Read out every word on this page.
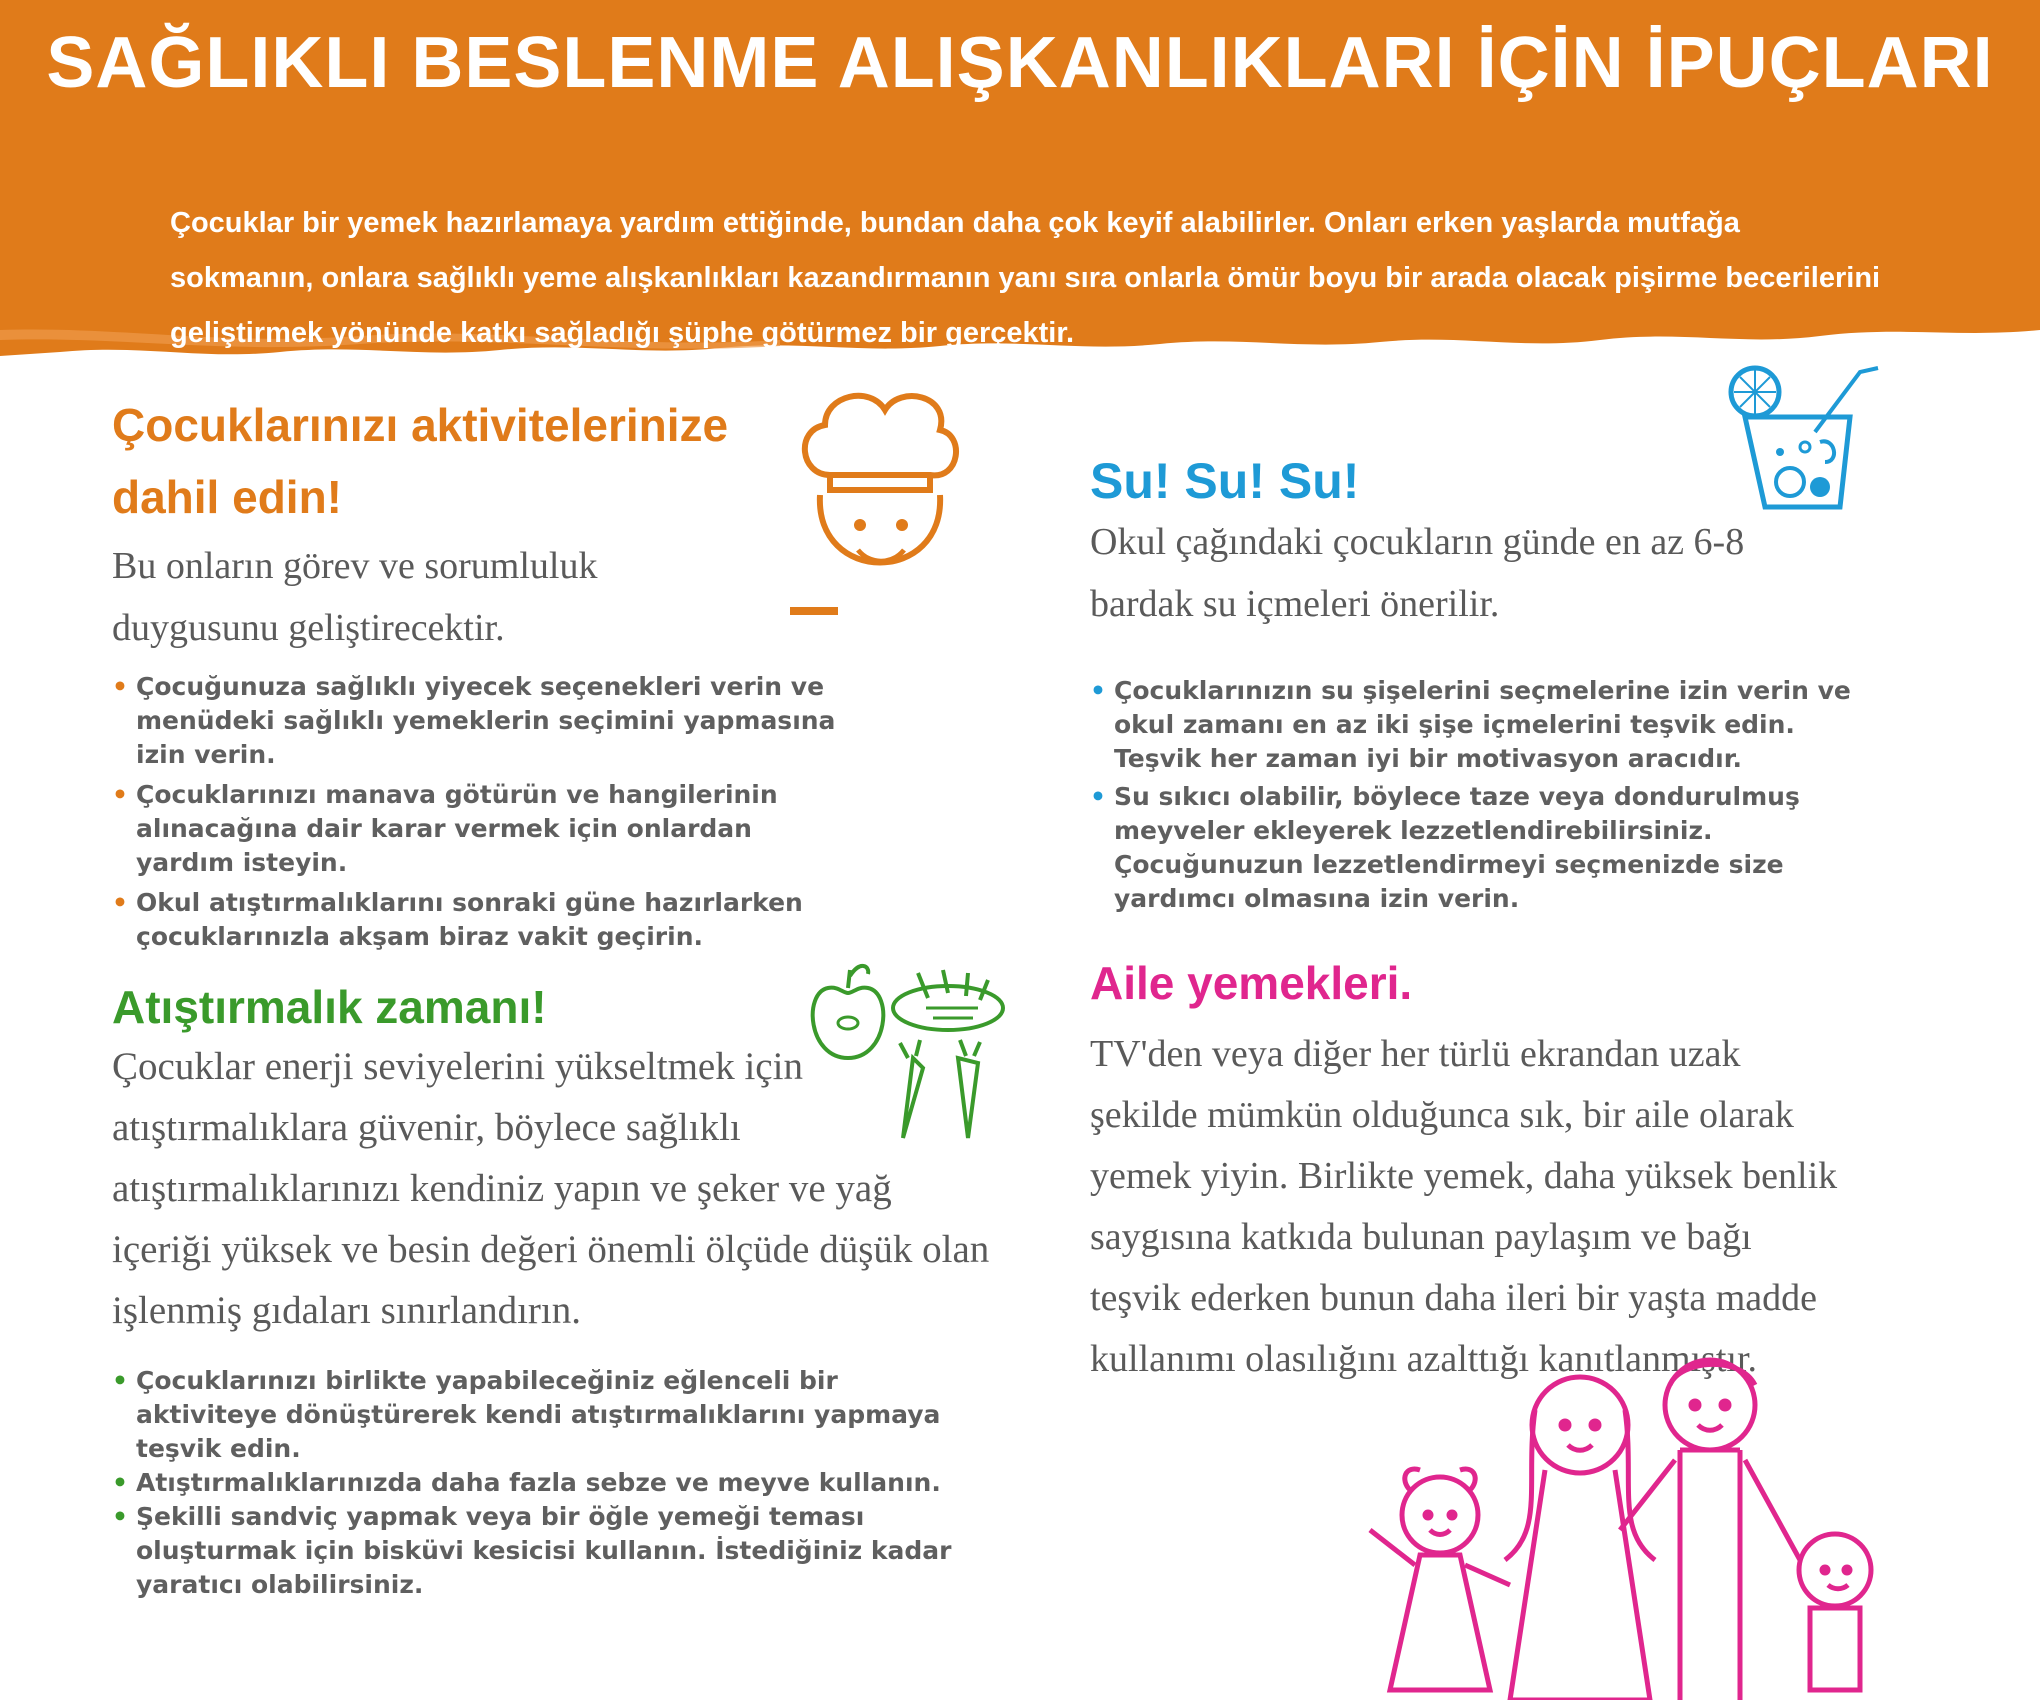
SAĞLIKLI BESLENME ALIŞKANLIKLARI İÇİN İPUÇLARI
Çocuklar bir yemek hazırlamaya yardım ettiğinde, bundan daha çok keyif alabilirler. Onları erken yaşlarda mutfağa sokmanın, onlara sağlıklı yeme alışkanlıkları kazandırmanın yanı sıra onlarla ömür boyu bir arada olacak pişirme becerilerini geliştirmek yönünde katkı sağladığı şüphe götürmez bir gerçektir.
Çocuklarınızı aktivitelerinize
dahil edin!
Bu onların görev ve sorumluluk
duygusunu geliştirecektir.
• Çocuğunuza sağlıklı yiyecek seçenekleri verin ve menüdeki sağlıklı yemeklerin seçimini yapmasına izin verin.
• Çocuklarınızı manava götürün ve hangilerinin alınacağına dair karar vermek için onlardan yardım isteyin.
• Okul atıştırmalıklarını sonraki güne hazırlarken çocuklarınızla akşam biraz vakit geçirin.
Atıştırmalık zamanı!
Çocuklar enerji seviyelerini yükseltmek için atıştırmalıklara güvenir, böylece sağlıklı atıştırmalıklarınızı kendiniz yapın ve şeker ve yağ içeriği yüksek ve besin değeri önemli ölçüde düşük olan işlenmiş gıdaları sınırlandırın.
• Çocuklarınızı birlikte yapabileceğiniz eğlenceli bir aktiviteye dönüştürerek kendi atıştırmalıklarını yapmaya teşvik edin.
• Atıştırmalıklarınızda daha fazla sebze ve meyve kullanın.
• Şekilli sandviç yapmak veya bir öğle yemeği teması oluşturmak için bisküvi kesicisi kullanın. İstediğiniz kadar yaratıcı olabilirsiniz.
Su! Su! Su!
Okul çağındaki çocukların günde en az 6-8
bardak su içmeleri önerilir.
• Çocuklarınızın su şişelerini seçmelerine izin verin ve okul zamanı en az iki şişe içmelerini teşvik edin. Teşvik her zaman iyi bir motivasyon aracıdır.
• Su sıkıcı olabilir, böylece taze veya dondurulmuş meyveler ekleyerek lezzetlendirebilirsiniz. Çocuğunuzun lezzetlendirmeyi seçmenizde size yardımcı olmasına izin verin.
Aile yemekleri.
TV'den veya diğer her türlü ekrandan uzak şekilde mümkün olduğunca sık, bir aile olarak yemek yiyin. Birlikte yemek, daha yüksek benlik saygısına katkıda bulunan paylaşım ve bağı teşvik ederken bunun daha ileri bir yaşta madde kullanımı olasılığını azalttığı kanıtlanmıştır.
